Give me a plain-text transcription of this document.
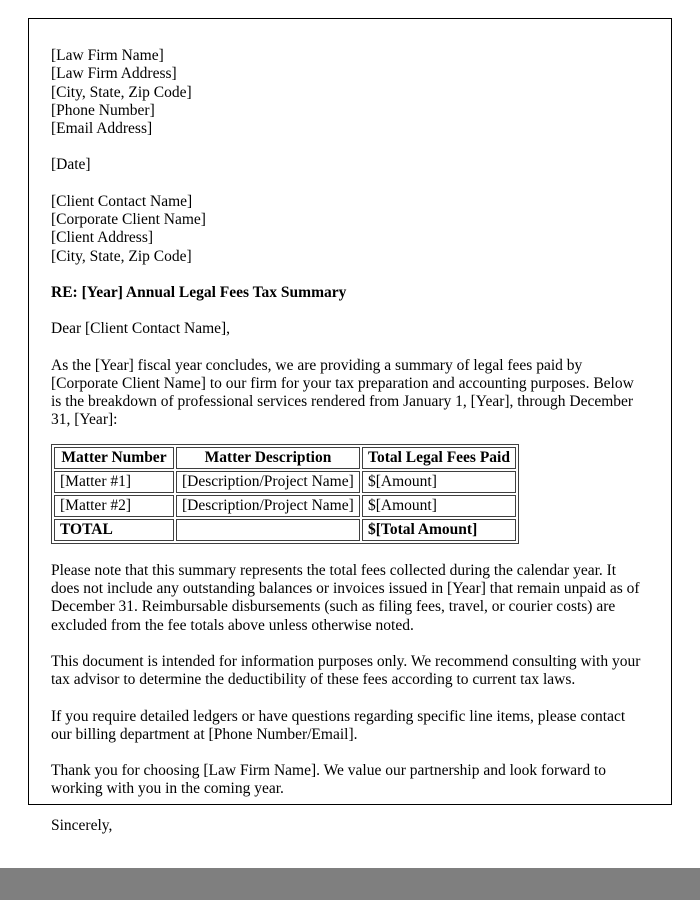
[Law Firm Name]
[Law Firm Address]
[City, State, Zip Code]
[Phone Number]
[Email Address]
[Date]
[Client Contact Name]
[Corporate Client Name]
[Client Address]
[City, State, Zip Code]
RE: [Year] Annual Legal Fees Tax Summary
Dear [Client Contact Name],

As the [Year] fiscal year concludes, we are providing a summary of legal fees paid by [Corporate Client Name] to our firm for your tax preparation and accounting purposes. Below is the breakdown of professional services rendered from January 1, [Year], through December 31, [Year]:

Matter Number	Matter Description	Total Legal Fees Paid
[Matter #1]	[Description/Project Name]	$[Amount]
[Matter #2]	[Description/Project Name]	$[Amount]
TOTAL		$[Total Amount]

Please note that this summary represents the total fees collected during the calendar year. It does not include any outstanding balances or invoices issued in [Year] that remain unpaid as of December 31. Reimbursable disbursements (such as filing fees, travel, or courier costs) are excluded from the fee totals above unless otherwise noted.

This document is intended for information purposes only. We recommend consulting with your tax advisor to determine the deductibility of these fees according to current tax laws.

If you require detailed ledgers or have questions regarding specific line items, please contact our billing department at [Phone Number/Email].

Thank you for choosing [Law Firm Name]. We value our partnership and look forward to working with you in the coming year.

Sincerely,
